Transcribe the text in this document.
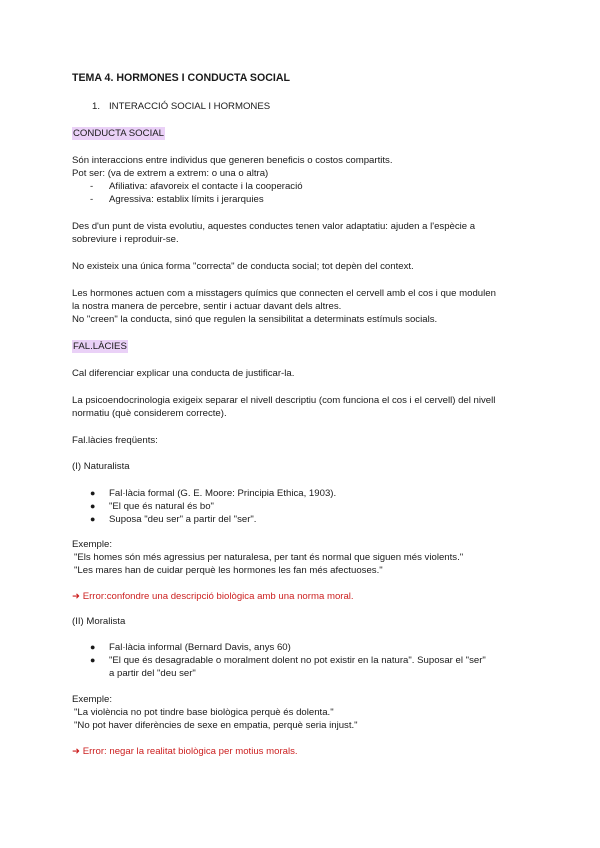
TEMA 4. HORMONES I CONDUCTA SOCIAL
1. INTERACCIÓ SOCIAL I HORMONES
CONDUCTA SOCIAL
Són interaccions entre individus que generen beneficis o costos compartits.
Pot ser: (va de extrem a extrem: o una o altra)
- Afiliativa: afavoreix el contacte i la cooperació
- Agressiva: establix límits i jerarquies
Des d'un punt de vista evolutiu, aquestes conductes tenen valor adaptatiu: ajuden a l'espècie a
sobreviure i reproduir-se.
No existeix una única forma "correcta" de conducta social; tot depèn del context.
Les hormones actuen com a misstagers químics que connecten el cervell amb el cos i que modulen
la nostra manera de percebre, sentir i actuar davant dels altres.
No "creen" la conducta, sinó que regulen la sensibilitat a determinats estímuls socials.
FAL.LÀCIES
Cal diferenciar explicar una conducta de justificar-la.
La psicoendocrinologia exigeix separar el nivell descriptiu (com funciona el cos i el cervell) del nivell
normatiu (què considerem correcte).
Fal.làcies freqüents:
(I) Naturalista
● Fal·làcia formal (G. E. Moore: Principia Ethica, 1903).
● "El que és natural és bo"
● Suposa "deu ser" a partir del "ser".
Exemple:
"Els homes són més agressius per naturalesa, per tant és normal que siguen més violents."
"Les mares han de cuidar perquè les hormones les fan més afectuoses."
➜ Error:confondre una descripció biològica amb una norma moral.
(II) Moralista
● Fal·làcia informal (Bernard Davis, anys 60)
● "El que és desagradable o moralment dolent no pot existir en la natura". Suposar el "ser"
a partir del "deu ser"
Exemple:
"La violència no pot tindre base biològica perquè és dolenta."
"No pot haver diferències de sexe en empatia, perquè seria injust."
➜ Error: negar la realitat biològica per motius morals.
